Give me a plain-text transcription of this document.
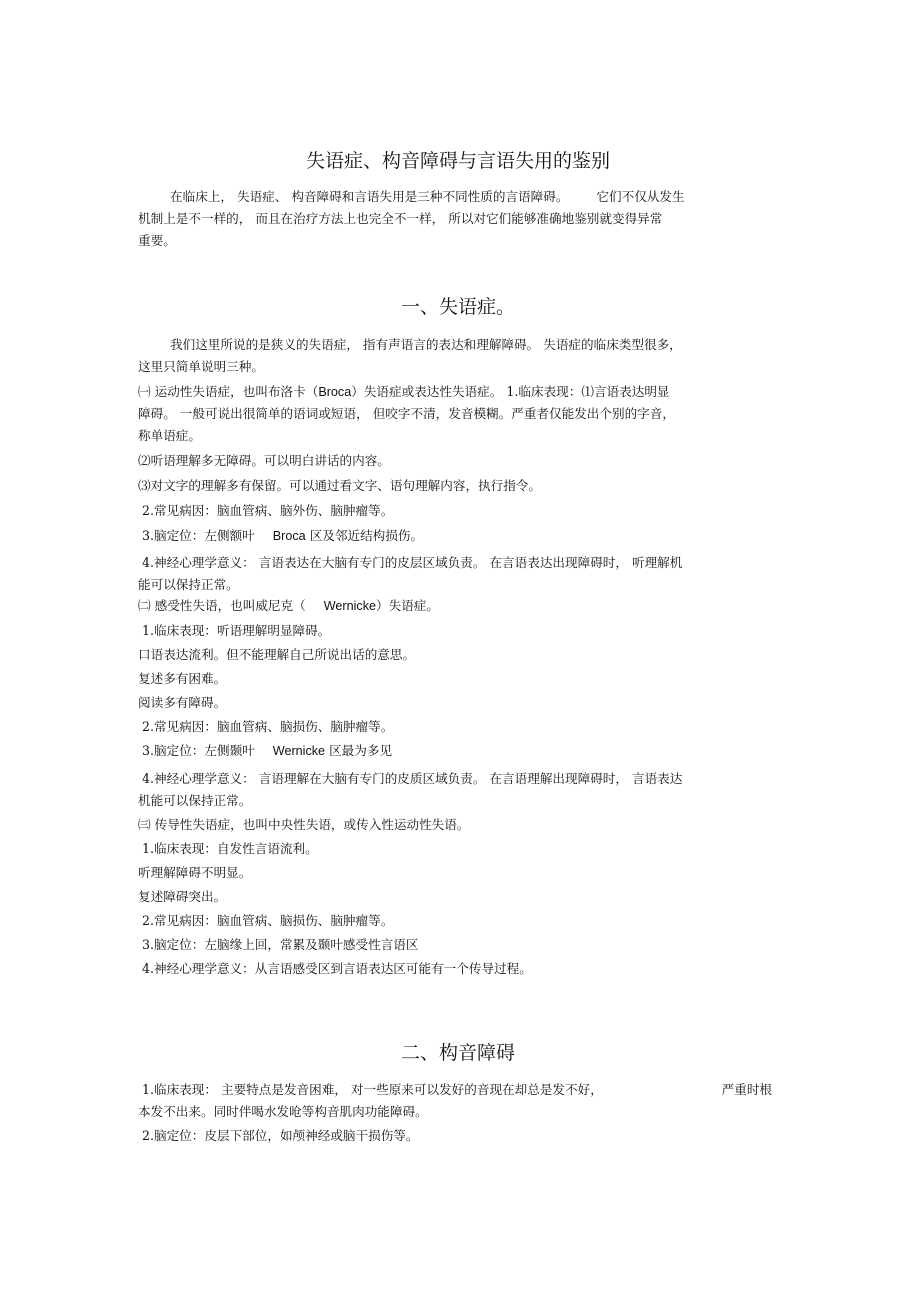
失语症、构音障碍与言语失用的鉴别
在临床上， 失语症、 构音障碍和言语失用是三种不同性质的言语障碍。 它们不仅从发生
机制上是不一样的， 而且在治疗方法上也完全不一样， 所以对它们能够准确地鉴别就变得异常
重要。
一、失语症。
我们这里所说的是狭义的失语症， 指有声语言的表达和理解障碍。 失语症的临床类型很多，
这里只简单说明三种。
㈠ 运动性失语症，也叫布洛卡（Broca）失语症或表达性失语症。 1.临床表现：⑴言语表达明显
障碍。 一般可说出很简单的语词或短语， 但咬字不清，发音模糊。严重者仅能发出个别的字音，
称单语症。
⑵听语理解多无障碍。可以明白讲话的内容。
⑶对文字的理解多有保留。可以通过看文字、语句理解内容，执行指令。
2.常见病因：脑血管病、脑外伤、脑肿瘤等。
3.脑定位：左侧额叶 Broca 区及邻近结构损伤。
4.神经心理学意义： 言语表达在大脑有专门的皮层区域负责。 在言语表达出现障碍时， 听理解机
能可以保持正常。
㈡ 感受性失语，也叫威尼克（ Wernicke）失语症。
1.临床表现：听语理解明显障碍。
口语表达流利。但不能理解自己所说出话的意思。
复述多有困难。
阅读多有障碍。
2.常见病因：脑血管病、脑损伤、脑肿瘤等。
3.脑定位：左侧颞叶 Wernicke 区最为多见
4.神经心理学意义： 言语理解在大脑有专门的皮质区域负责。 在言语理解出现障碍时， 言语表达
机能可以保持正常。
㈢ 传导性失语症，也叫中央性失语，或传入性运动性失语。
1.临床表现：自发性言语流利。
听理解障碍不明显。
复述障碍突出。
2.常见病因：脑血管病、脑损伤、脑肿瘤等。
3.脑定位：左脑缘上回，常累及颞叶感受性言语区
4.神经心理学意义：从言语感受区到言语表达区可能有一个传导过程。
二、构音障碍
1.临床表现： 主要特点是发音困难， 对一些原来可以发好的音现在却总是发不好，	严重时根
本发不出来。同时伴喝水发呛等构音肌肉功能障碍。
2.脑定位：皮层下部位，如颅神经或脑干损伤等。
